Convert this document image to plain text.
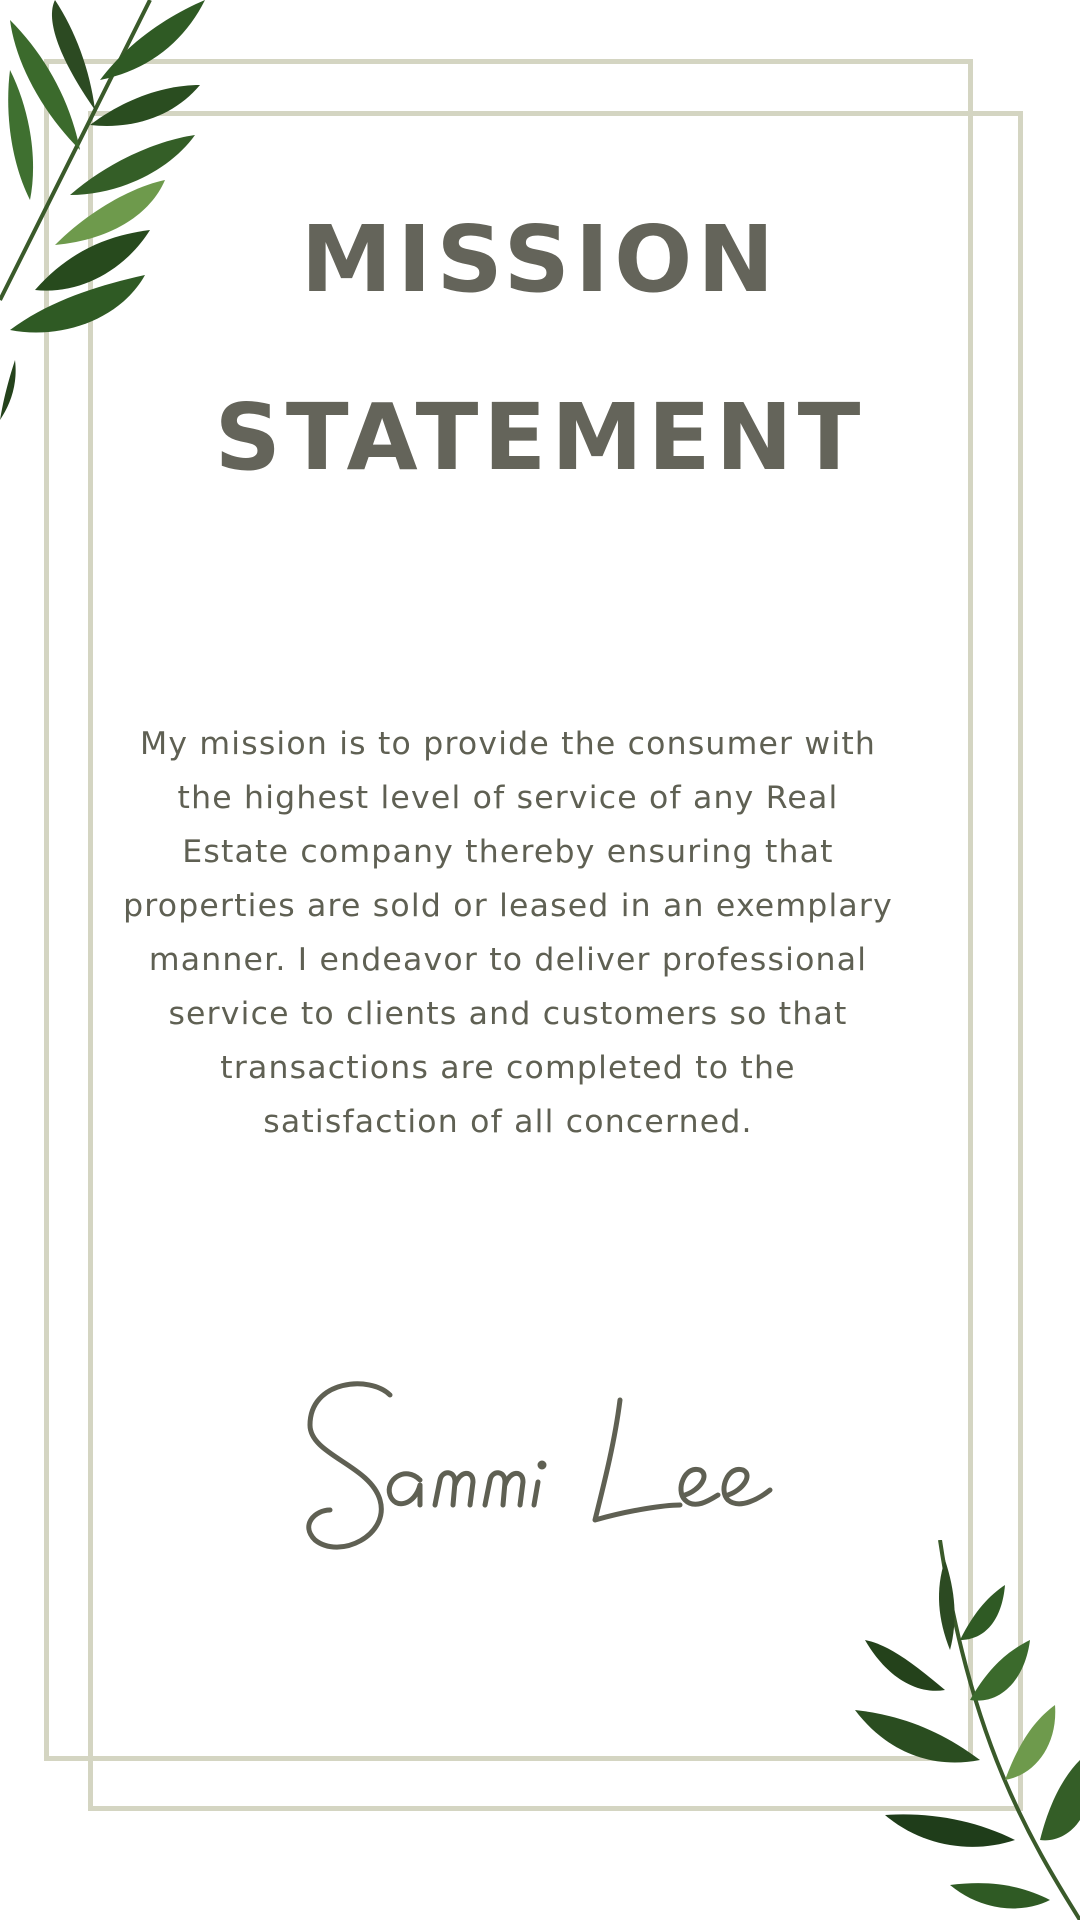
MISSION
STATEMENT

My mission is to provide the consumer with the highest level of service of any Real Estate company thereby ensuring that properties are sold or leased in an exemplary manner. I endeavor to deliver professional service to clients and customers so that transactions are completed to the satisfaction of all concerned.
